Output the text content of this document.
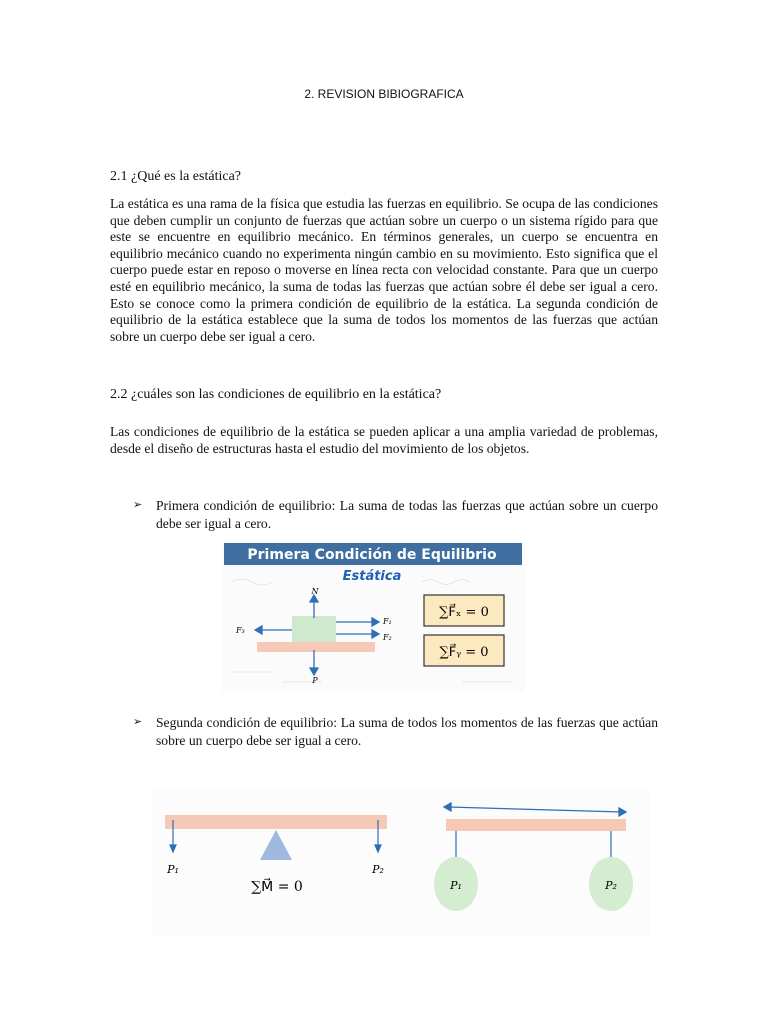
2. REVISION BIBIOGRAFICA
2.1 ¿Qué es la estática?
La estática es una rama de la física que estudia las fuerzas en equilibrio. Se ocupa de las condiciones que deben cumplir un conjunto de fuerzas que actúan sobre un cuerpo o un sistema rígido para que este se encuentre en equilibrio mecánico. En términos generales, un cuerpo se encuentra en equilibrio mecánico cuando no experimenta ningún cambio en su movimiento. Esto significa que el cuerpo puede estar en reposo o moverse en línea recta con velocidad constante. Para que un cuerpo esté en equilibrio mecánico, la suma de todas las fuerzas que actúan sobre él debe ser igual a cero. Esto se conoce como la primera condición de equilibrio de la estática. La segunda condición de equilibrio de la estática establece que la suma de todos los momentos de las fuerzas que actúan sobre un cuerpo debe ser igual a cero.
2.2 ¿cuáles son las condiciones de equilibrio en la estática?
Las condiciones de equilibrio de la estática se pueden aplicar a una amplia variedad de problemas, desde el diseño de estructuras hasta el estudio del movimiento de los objetos.
➢ Primera condición de equilibrio: La suma de todas las fuerzas que actúan sobre un cuerpo debe ser igual a cero.
Primera Condición de Equilibrio
Estática
N
P
F₁
F₂
F₃
∑F⃗ₓ = 0
∑F⃗ᵧ = 0
➢ Segunda condición de equilibrio: La suma de todos los momentos de las fuerzas que actúan sobre un cuerpo debe ser igual a cero.
P₁	P₂
∑M⃗ = 0	P₁	P₂
